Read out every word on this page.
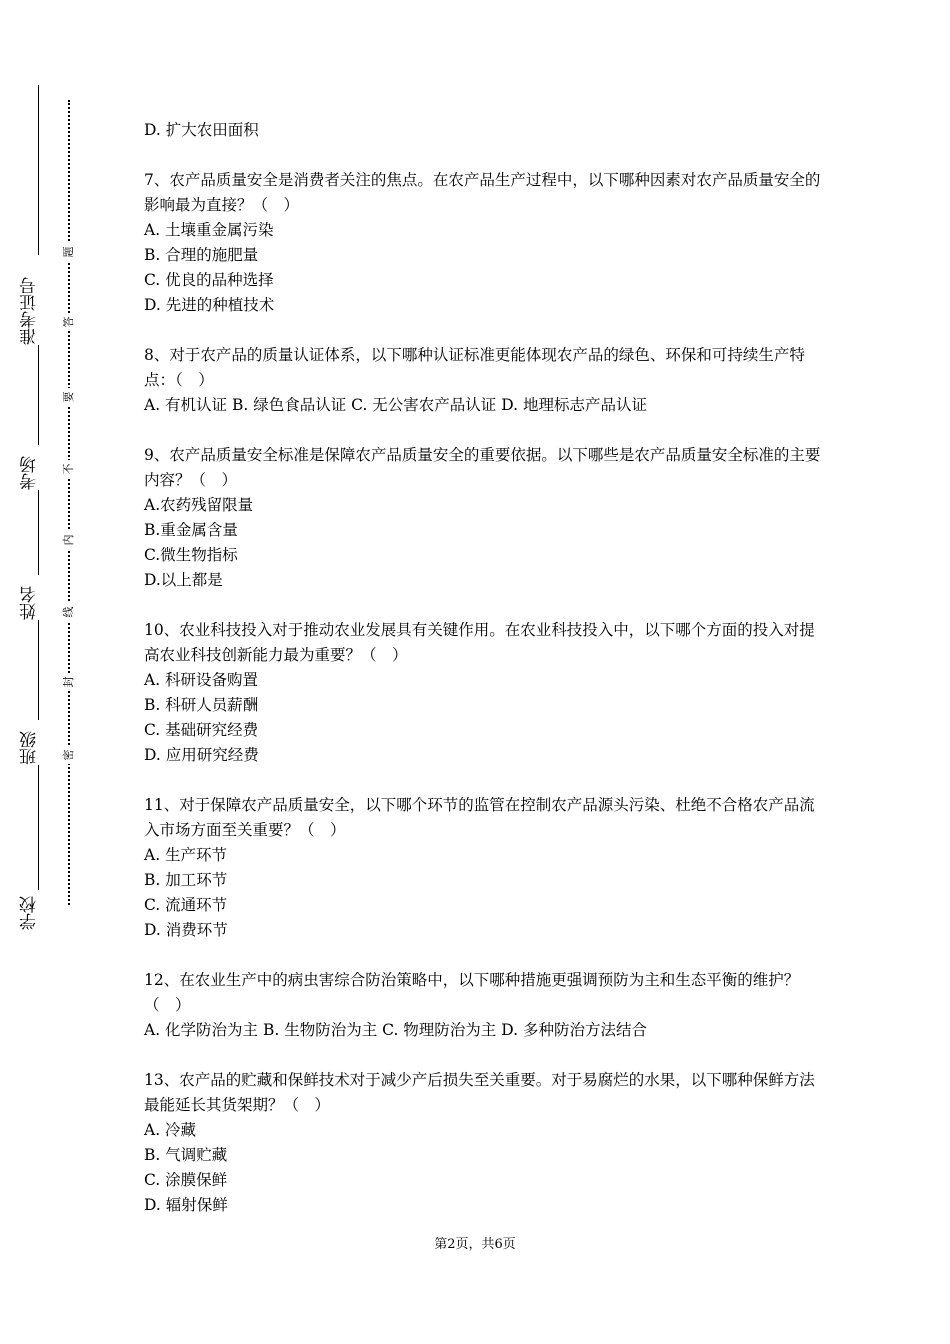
准考证号
考场
姓名
班级
学校
题
答
要
不
内
线
封
密

D. 扩大农田面积

7、农产品质量安全是消费者关注的焦点。在农产品生产过程中，以下哪种因素对农产品质量安全的影响最为直接？（　）

A. 土壤重金属污染

B. 合理的施肥量

C. 优良的品种选择

D. 先进的种植技术

8、对于农产品的质量认证体系，以下哪种认证标准更能体现农产品的绿色、环保和可持续生产特点：（　）

A. 有机认证 B. 绿色食品认证 C. 无公害农产品认证 D. 地理标志产品认证

9、农产品质量安全标准是保障农产品质量安全的重要依据。以下哪些是农产品质量安全标准的主要内容？（　）

A.农药残留限量

B.重金属含量

C.微生物指标

D.以上都是

10、农业科技投入对于推动农业发展具有关键作用。在农业科技投入中，以下哪个方面的投入对提高农业科技创新能力最为重要？（　）

A. 科研设备购置

B. 科研人员薪酬

C. 基础研究经费

D. 应用研究经费

11、对于保障农产品质量安全，以下哪个环节的监管在控制农产品源头污染、杜绝不合格农产品流入市场方面至关重要？（　）

A. 生产环节

B. 加工环节

C. 流通环节

D. 消费环节

12、在农业生产中的病虫害综合防治策略中，以下哪种措施更强调预防为主和生态平衡的维护？（　）

A. 化学防治为主 B. 生物防治为主 C. 物理防治为主 D. 多种防治方法结合

13、农产品的贮藏和保鲜技术对于减少产后损失至关重要。对于易腐烂的水果，以下哪种保鲜方法最能延长其货架期？（　）

A. 冷藏

B. 气调贮藏

C. 涂膜保鲜

D. 辐射保鲜

第2页，共6页
